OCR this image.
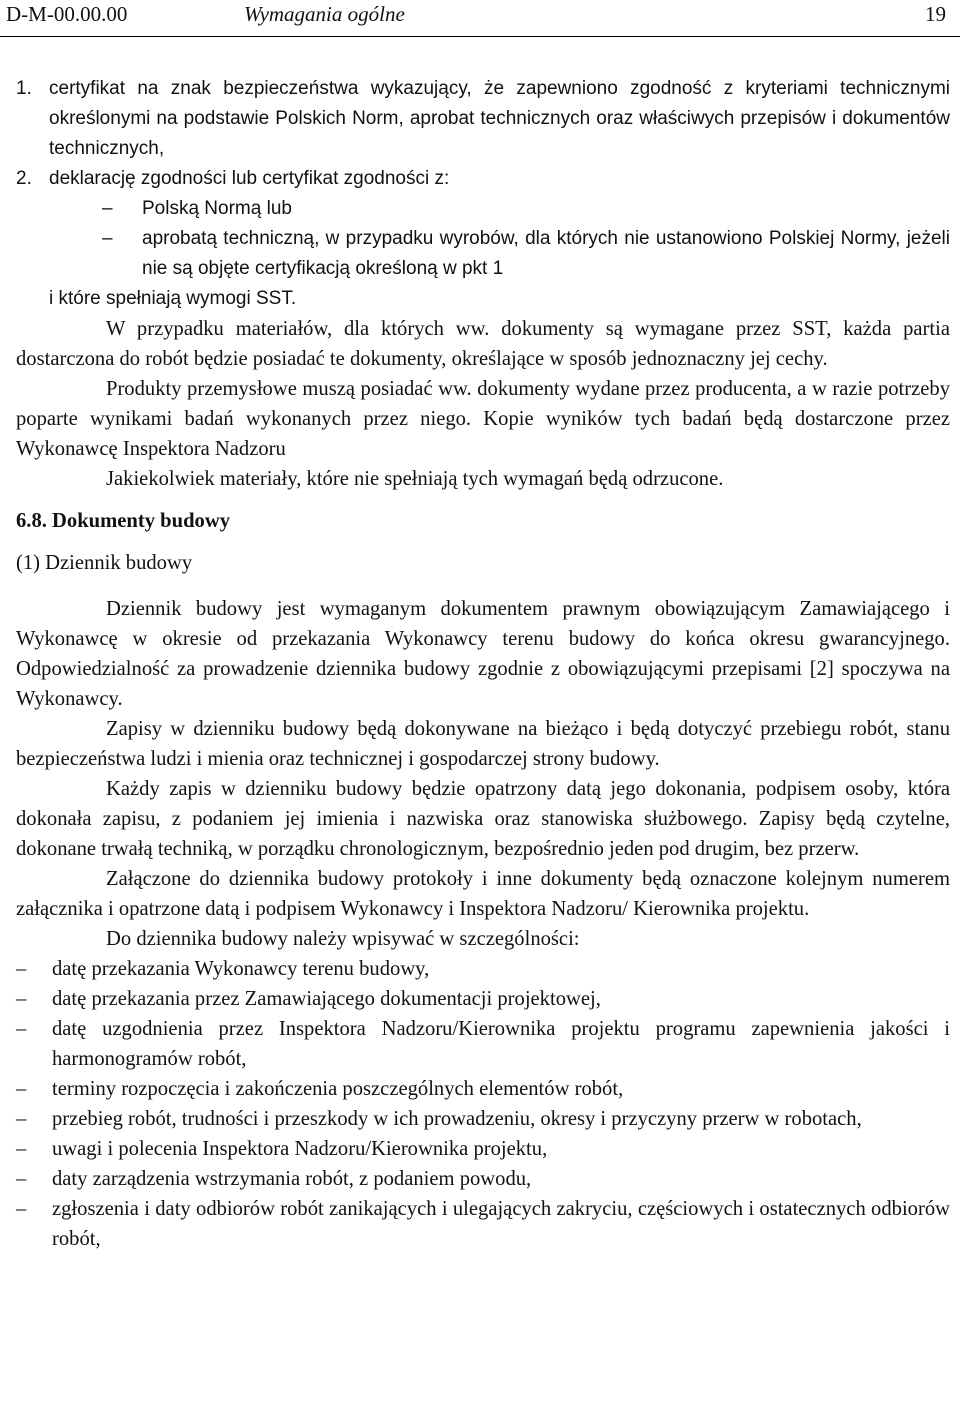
D-M-00.00.00	Wymagania ogólne	19

1. certyfikat na znak bezpieczeństwa wykazujący, że zapewniono zgodność z kryteriami technicznymi określonymi na podstawie Polskich Norm, aprobat technicznych oraz właściwych przepisów i dokumentów technicznych,

2. deklarację zgodności lub certyfikat zgodności z:

– Polską Normą lub

– aprobatą techniczną, w przypadku wyrobów, dla których nie ustanowiono Polskiej Normy, jeżeli nie są objęte certyfikacją określoną w pkt 1

i które spełniają wymogi SST.

W przypadku materiałów, dla których ww. dokumenty są wymagane przez SST, każda partia dostarczona do robót będzie posiadać te dokumenty, określające w sposób jednoznaczny jej cechy.

Produkty przemysłowe muszą posiadać ww. dokumenty wydane przez producenta, a w razie potrzeby poparte wynikami badań wykonanych przez niego. Kopie wyników tych badań będą dostarczone przez Wykonawcę Inspektora Nadzoru

Jakiekolwiek materiały, które nie spełniają tych wymagań będą odrzucone.

6.8. Dokumenty budowy

(1) Dziennik budowy

Dziennik budowy jest wymaganym dokumentem prawnym obowiązującym Zamawiającego i Wykonawcę w okresie od przekazania Wykonawcy terenu budowy do końca okresu gwarancyjnego. Odpowiedzialność za prowadzenie dziennika budowy zgodnie z obowiązującymi przepisami [2] spoczywa na Wykonawcy.

Zapisy w dzienniku budowy będą dokonywane na bieżąco i będą dotyczyć przebiegu robót, stanu bezpieczeństwa ludzi i mienia oraz technicznej i gospodarczej strony budowy.

Każdy zapis w dzienniku budowy będzie opatrzony datą jego dokonania, podpisem osoby, która dokonała zapisu, z podaniem jej imienia i nazwiska oraz stanowiska służbowego. Zapisy będą czytelne, dokonane trwałą techniką, w porządku chronologicznym, bezpośrednio jeden pod drugim, bez przerw.

Załączone do dziennika budowy protokoły i inne dokumenty będą oznaczone kolejnym numerem załącznika i opatrzone datą i podpisem Wykonawcy i Inspektora Nadzoru/ Kierownika projektu.

Do dziennika budowy należy wpisywać w szczególności:

– datę przekazania Wykonawcy terenu budowy,

– datę przekazania przez Zamawiającego dokumentacji projektowej,

– datę uzgodnienia przez Inspektora Nadzoru/Kierownika projektu programu zapewnienia jakości i harmonogramów robót,

– terminy rozpoczęcia i zakończenia poszczególnych elementów robót,

– przebieg robót, trudności i przeszkody w ich prowadzeniu, okresy i przyczyny przerw w robotach,

– uwagi i polecenia Inspektora Nadzoru/Kierownika projektu,

– daty zarządzenia wstrzymania robót, z podaniem powodu,

– zgłoszenia i daty odbiorów robót zanikających i ulegających zakryciu, częściowych i ostatecznych odbiorów robót,
